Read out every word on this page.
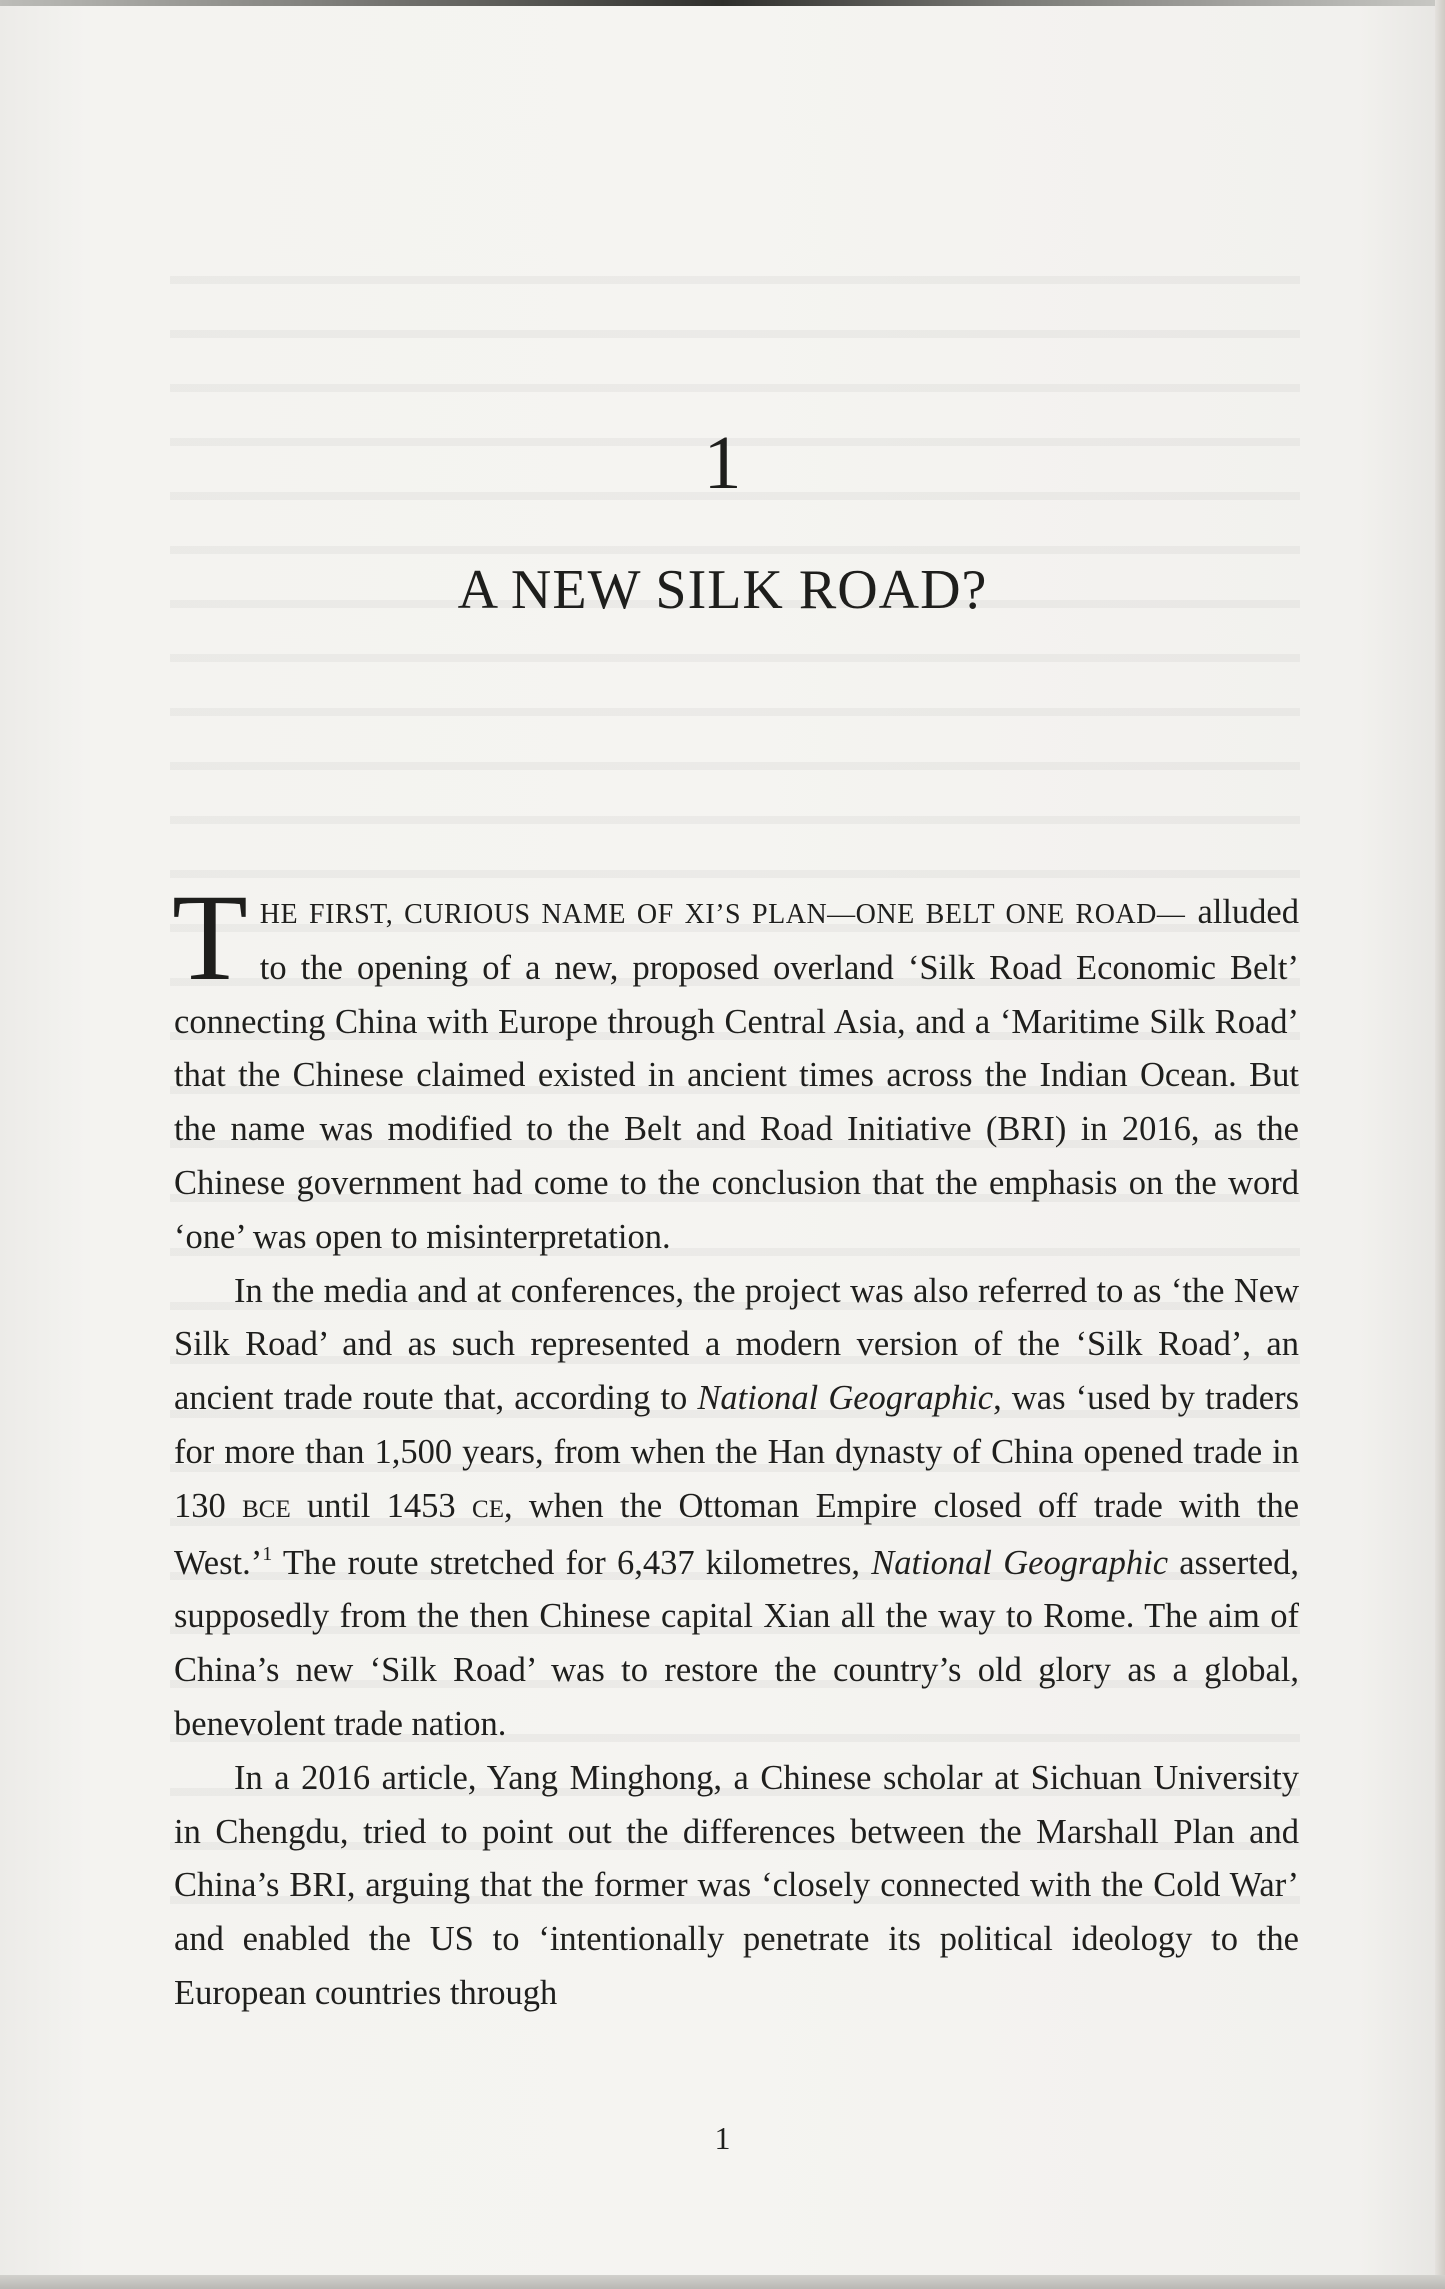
1
A NEW SILK ROAD?

THE FIRST, CURIOUS NAME OF XI’S PLAN—ONE BELT ONE ROAD— alluded to the opening of a new, proposed overland ‘Silk Road Economic Belt’ connecting China with Europe through Central Asia, and a ‘Maritime Silk Road’ that the Chinese claimed existed in ancient times across the Indian Ocean. But the name was modified to the Belt and Road Initiative (BRI) in 2016, as the Chinese government had come to the conclusion that the emphasis on the word ‘one’ was open to misinterpretation.

In the media and at conferences, the project was also referred to as ‘the New Silk Road’ and as such represented a modern version of the ‘Silk Road’, an ancient trade route that, according to National Geographic, was ‘used by traders for more than 1,500 years, from when the Han dynasty of China opened trade in 130 BCE until 1453 CE, when the Ottoman Empire closed off trade with the West.’$^1$ The route stretched for 6,437 kilometres, National Geographic asserted, supposedly from the then Chinese capital Xian all the way to Rome. The aim of China’s new ‘Silk Road’ was to restore the country’s old glory as a global, benevolent trade nation.

In a 2016 article, Yang Minghong, a Chinese scholar at Sichuan University in Chengdu, tried to point out the differences between the Marshall Plan and China’s BRI, arguing that the former was ‘closely connected with the Cold War’ and enabled the US to ‘intentionally penetrate its political ideology to the European countries through

1
